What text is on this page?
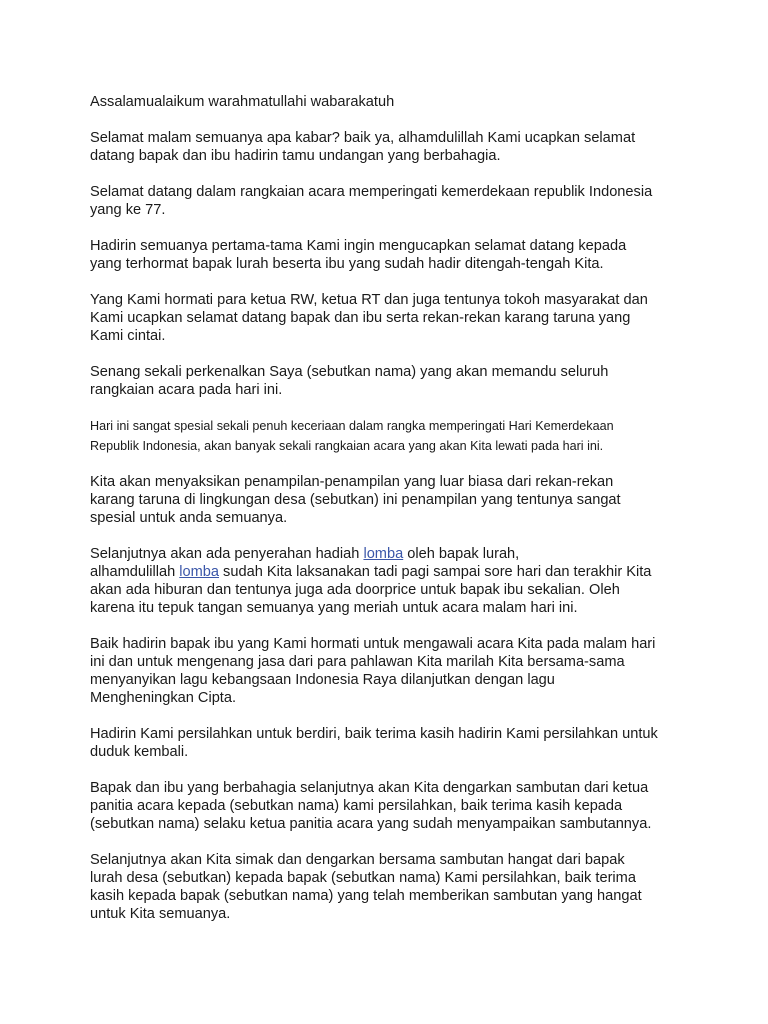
Assalamualaikum warahmatullahi wabarakatuh

Selamat malam semuanya apa kabar? baik ya, alhamdulillah Kami ucapkan selamat
datang bapak dan ibu hadirin tamu undangan yang berbahagia.

Selamat datang dalam rangkaian acara memperingati kemerdekaan republik Indonesia
yang ke 77.

Hadirin semuanya pertama-tama Kami ingin mengucapkan selamat datang kepada
yang terhormat bapak lurah beserta ibu yang sudah hadir ditengah-tengah Kita.

Yang Kami hormati para ketua RW, ketua RT dan juga tentunya tokoh masyarakat dan
Kami ucapkan selamat datang bapak dan ibu serta rekan-rekan karang taruna yang
Kami cintai.

Senang sekali perkenalkan Saya (sebutkan nama) yang akan memandu seluruh
rangkaian acara pada hari ini.

Hari ini sangat spesial sekali penuh keceriaan dalam rangka memperingati Hari Kemerdekaan
Republik Indonesia, akan banyak sekali rangkaian acara yang akan Kita lewati pada hari ini.

Kita akan menyaksikan penampilan-penampilan yang luar biasa dari rekan-rekan
karang taruna di lingkungan desa (sebutkan) ini penampilan yang tentunya sangat
spesial untuk anda semuanya.

Selanjutnya akan ada penyerahan hadiah lomba oleh bapak lurah,
alhamdulillah lomba sudah Kita laksanakan tadi pagi sampai sore hari dan terakhir Kita
akan ada hiburan dan tentunya juga ada doorprice untuk bapak ibu sekalian. Oleh
karena itu tepuk tangan semuanya yang meriah untuk acara malam hari ini.

Baik hadirin bapak ibu yang Kami hormati untuk mengawali acara Kita pada malam hari
ini dan untuk mengenang jasa dari para pahlawan Kita marilah Kita bersama-sama
menyanyikan lagu kebangsaan Indonesia Raya dilanjutkan dengan lagu
Mengheningkan Cipta.

Hadirin Kami persilahkan untuk berdiri, baik terima kasih hadirin Kami persilahkan untuk
duduk kembali.

Bapak dan ibu yang berbahagia selanjutnya akan Kita dengarkan sambutan dari ketua
panitia acara kepada (sebutkan nama) kami persilahkan, baik terima kasih kepada
(sebutkan nama) selaku ketua panitia acara yang sudah menyampaikan sambutannya.

Selanjutnya akan Kita simak dan dengarkan bersama sambutan hangat dari bapak
lurah desa (sebutkan) kepada bapak (sebutkan nama) Kami persilahkan, baik terima
kasih kepada bapak (sebutkan nama) yang telah memberikan sambutan yang hangat
untuk Kita semuanya.
